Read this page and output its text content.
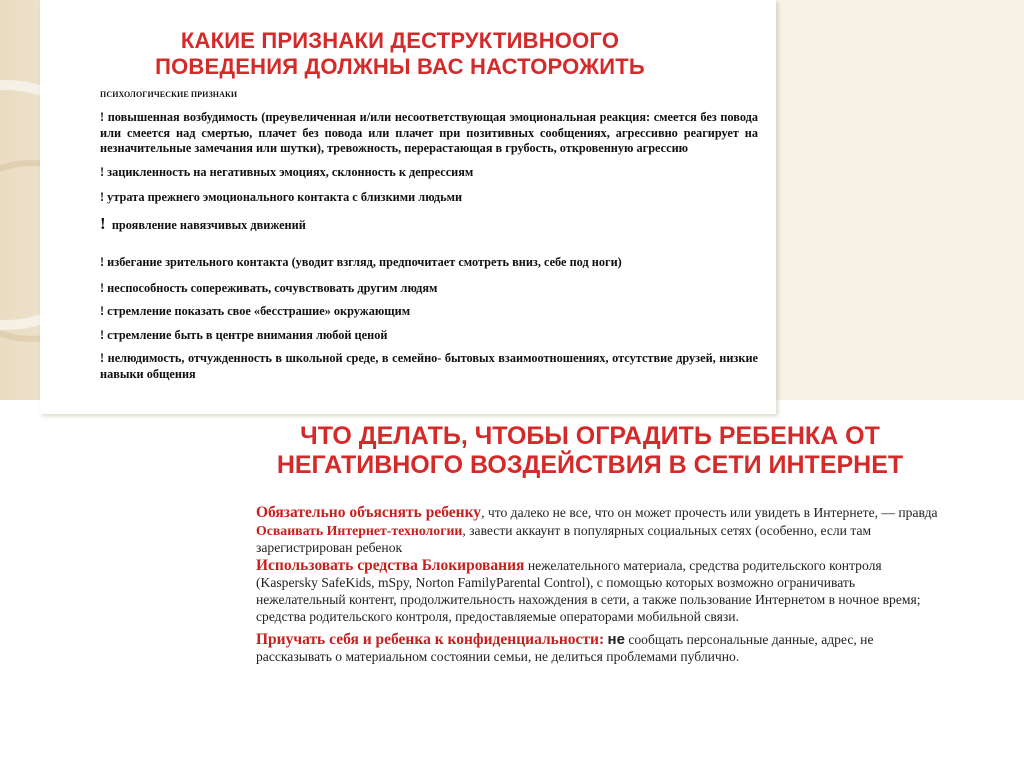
КАКИЕ ПРИЗНАКИ ДЕСТРУКТИВНООГО ПОВЕДЕНИЯ ДОЛЖНЫ ВАС НАСТОРОЖИТЬ
ПСИХОЛОГИЧЕСКИЕ ПРИЗНАКИ
! повышенная возбудимость (преувеличенная и/или несоответствующая эмоциональная реакция: смеется без повода или смеется над смертью, плачет без повода или плачет при позитивных сообщениях, агрессивно реагирует на незначительные замечания или шутки), тревожность, перерастающая в грубость, откровенную агрессию
! зацикленность на негативных эмоциях, склонность к депрессиям
! утрата прежнего эмоционального контакта с близкими людьми
! проявление навязчивых движений
! избегание зрительного контакта (уводит взгляд, предпочитает смотреть вниз, себе под ноги)
! неспособность сопереживать, сочувствовать другим людям
! стремление показать свое «бесстрашие» окружающим
! стремление быть в центре внимания любой ценой
! нелюдимость, отчужденность в школьной среде, в семейно- бытовых взаимоотношениях, отсутствие друзей, низкие навыки общения
ЧТО ДЕЛАТЬ, ЧТОБЫ ОГРАДИТЬ РЕБЕНКА ОТ НЕГАТИВНОГО ВОЗДЕЙСТВИЯ В СЕТИ ИНТЕРНЕТ

Обязательно объяснять ребенку, что далеко не все, что он может прочесть или увидеть в Интернете, — правда

Осваивать Интернет-технологии, завести аккаунт в популярных социальных сетях (особенно, если там зарегистрирован ребенок

Использовать средства Блокирования нежелательного материала, средства родительского контроля (Kaspersky SafeKids, mSpy, Norton FamilyParental Control), с помощью которых возможно ограничивать нежелательный контент, продолжительность нахождения в сети, а также пользование Интернетом в ночное время; средства родительского контроля, предоставляемые операторами мобильной связи.

Приучать себя и ребенка к конфиденциальности: не сообщать персональные данные, адрес, не рассказывать о материальном состоянии семьи, не делиться проблемами публично.
